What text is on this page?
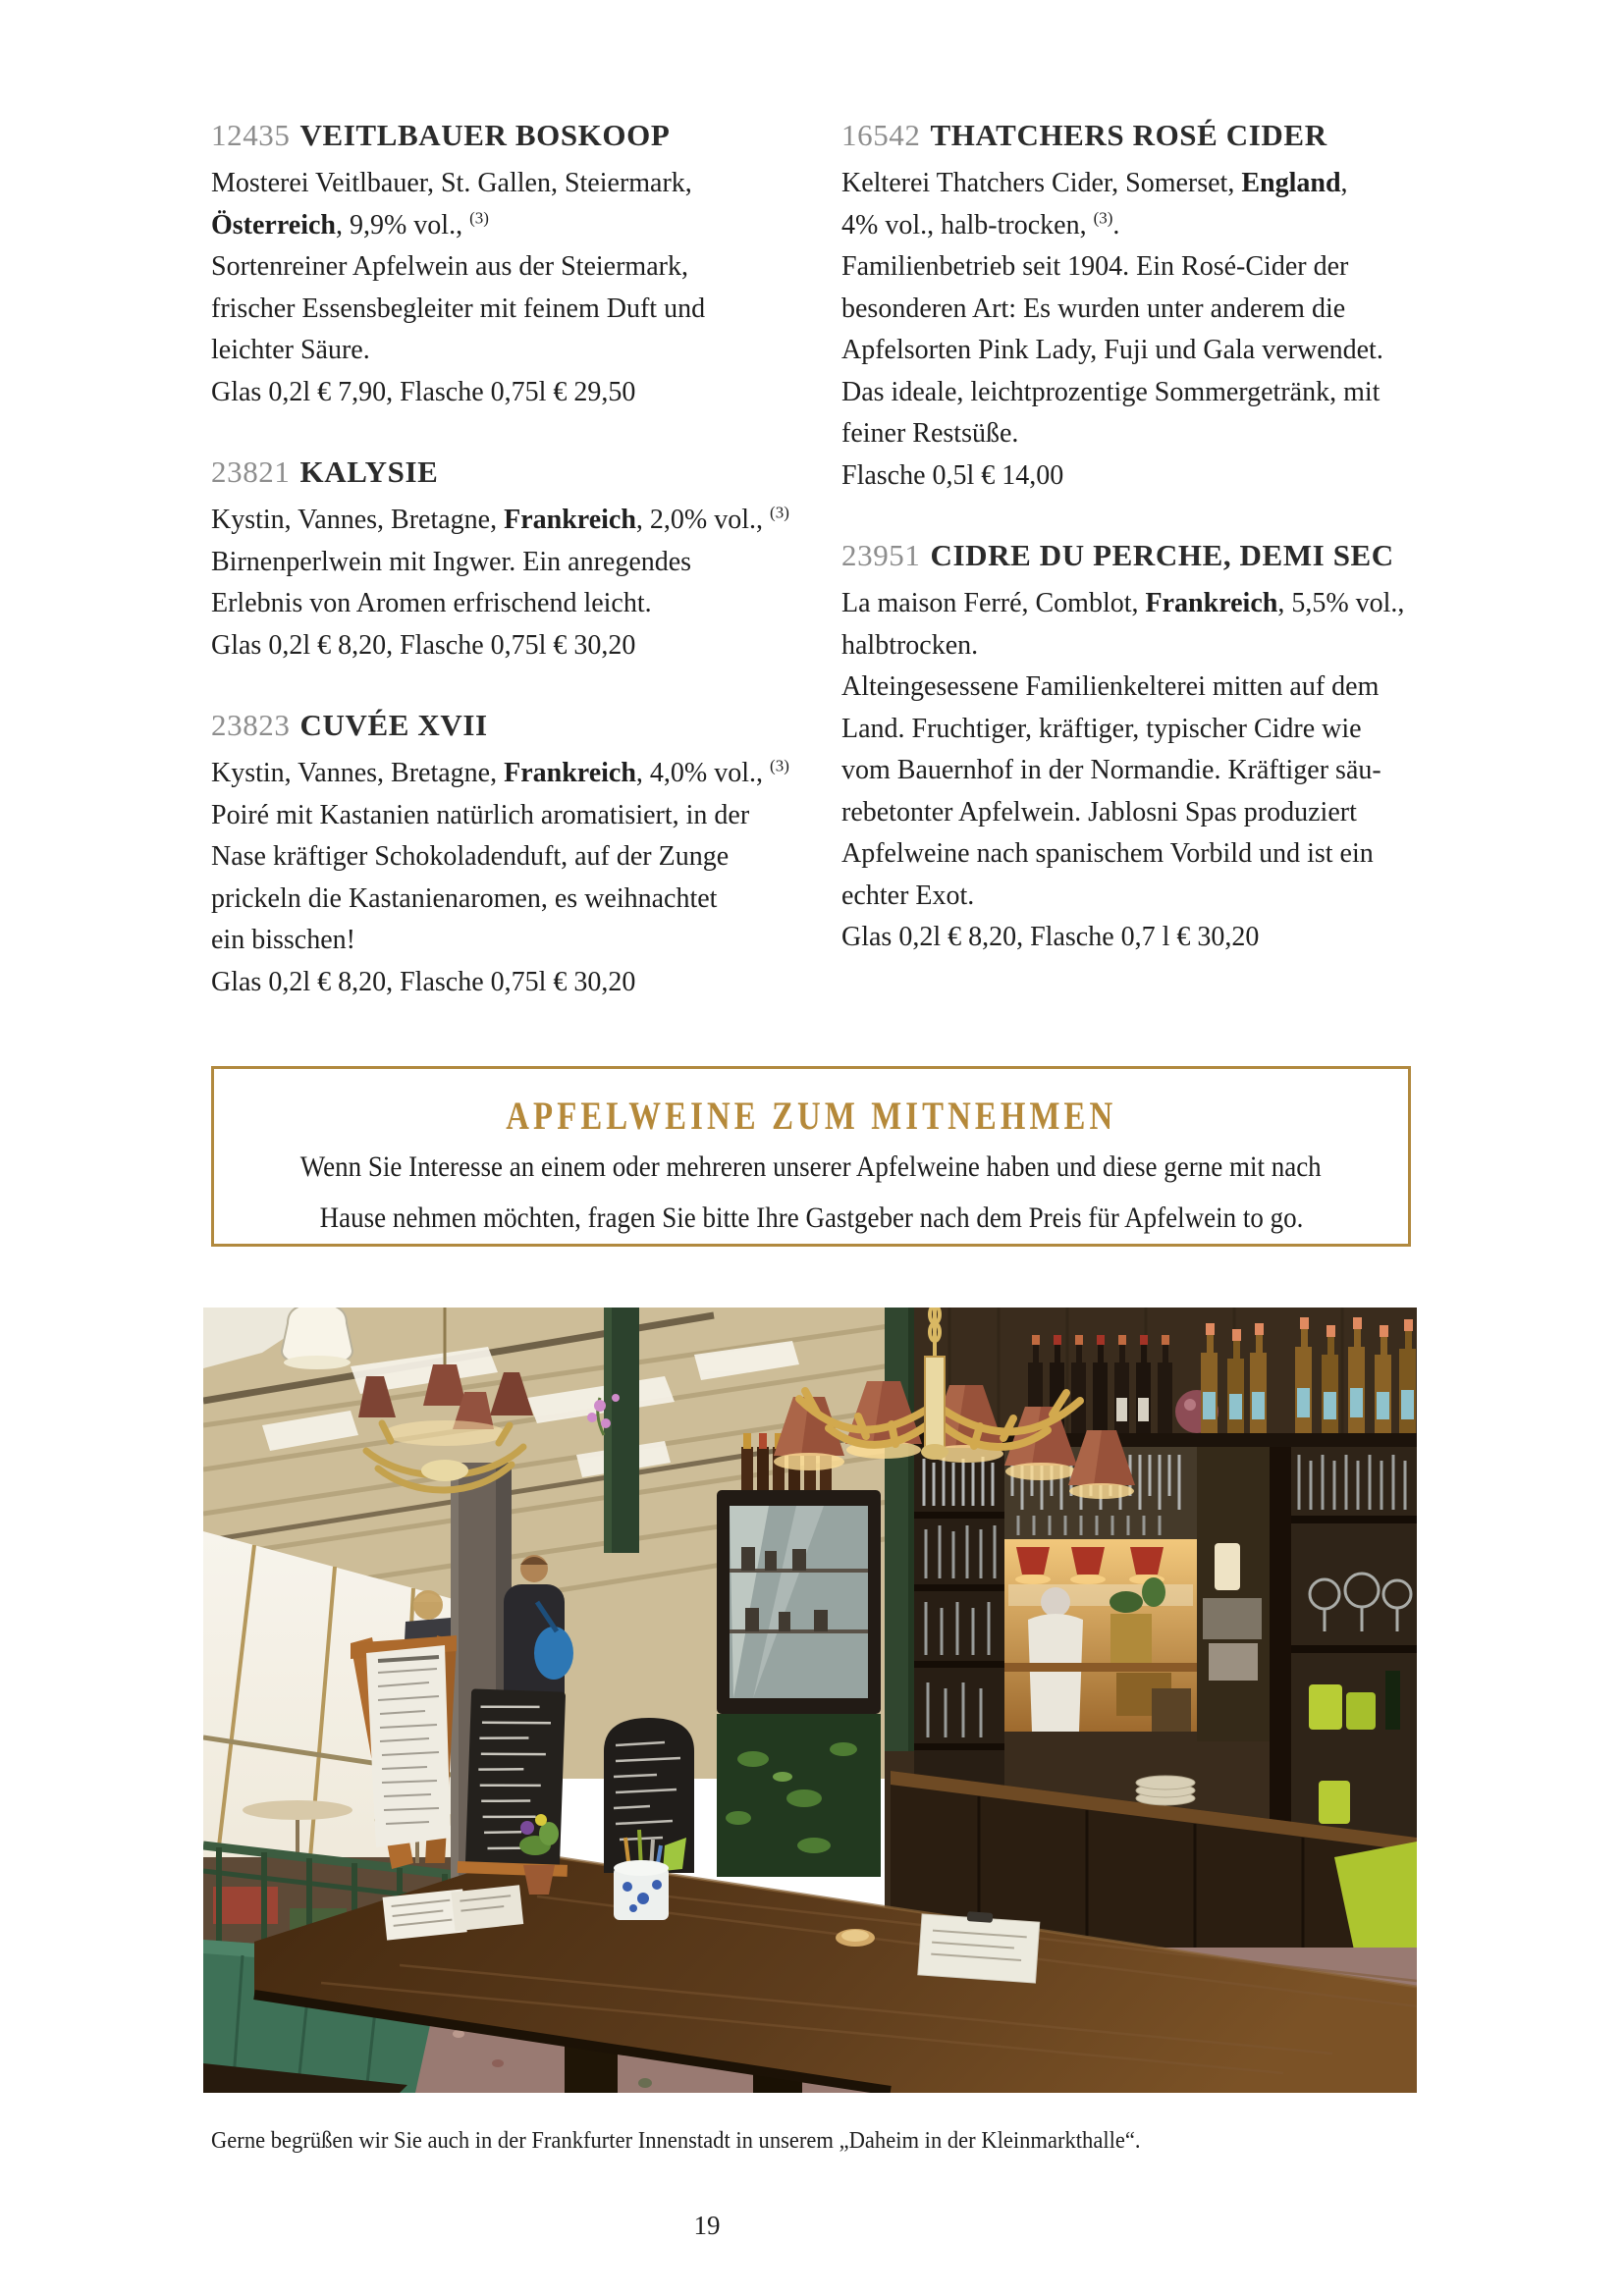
12435 VEITLBAUER BOSKOOP
Mosterei Veitlbauer, St. Gallen, Steiermark,
Österreich, 9,9% vol., $^{(3)}$
Sortenreiner Apfelwein aus der Steiermark,
frischer Essensbegleiter mit feinem Duft und
leichter Säure.
Glas 0,2l € 7,90, Flasche 0,75l € 29,50
23821 KALYSIE
Kystin, Vannes, Bretagne, Frankreich, 2,0% vol., $^{(3)}$
Birnenperlwein mit Ingwer. Ein anregendes
Erlebnis von Aromen erfrischend leicht.
Glas 0,2l € 8,20, Flasche 0,75l € 30,20
23823 CUVÉE XVII
Kystin, Vannes, Bretagne, Frankreich, 4,0% vol., $^{(3)}$
Poiré mit Kastanien natürlich aromatisiert, in der
Nase kräftiger Schokoladenduft, auf der Zunge
prickeln die Kastanienaromen, es weihnachtet
ein bisschen!
Glas 0,2l € 8,20, Flasche 0,75l € 30,20
16542 THATCHERS ROSÉ CIDER
Kelterei Thatchers Cider, Somerset, England,
4% vol., halb-trocken, $^{(3)}$.
Familienbetrieb seit 1904. Ein Rosé-Cider der
besonderen Art: Es wurden unter anderem die
Apfelsorten Pink Lady, Fuji und Gala verwendet.
Das ideale, leichtprozentige Sommergetränk, mit
feiner Restsüße.
Flasche 0,5l € 14,00
23951 CIDRE DU PERCHE, DEMI SEC
La maison Ferré, Comblot, Frankreich, 5,5% vol.,
halbtrocken.
Alteingesessene Familienkelterei mitten auf dem
Land. Fruchtiger, kräftiger, typischer Cidre wie
vom Bauernhof in der Normandie. Kräftiger säu-
rebetonter Apfelwein. Jablosni Spas produziert
Apfelweine nach spanischem Vorbild und ist ein
echter Exot.
Glas 0,2l € 8,20, Flasche 0,7 l € 30,20
APFELWEINE ZUM MITNEHMEN
Wenn Sie Interesse an einem oder mehreren unserer Apfelweine haben und diese gerne mit nach
Hause nehmen möchten, fragen Sie bitte Ihre Gastgeber nach dem Preis für Apfelwein to go.
Gerne begrüßen wir Sie auch in der Frankfurter Innenstadt in unserem „Daheim in der Kleinmarkthalle“.
19
